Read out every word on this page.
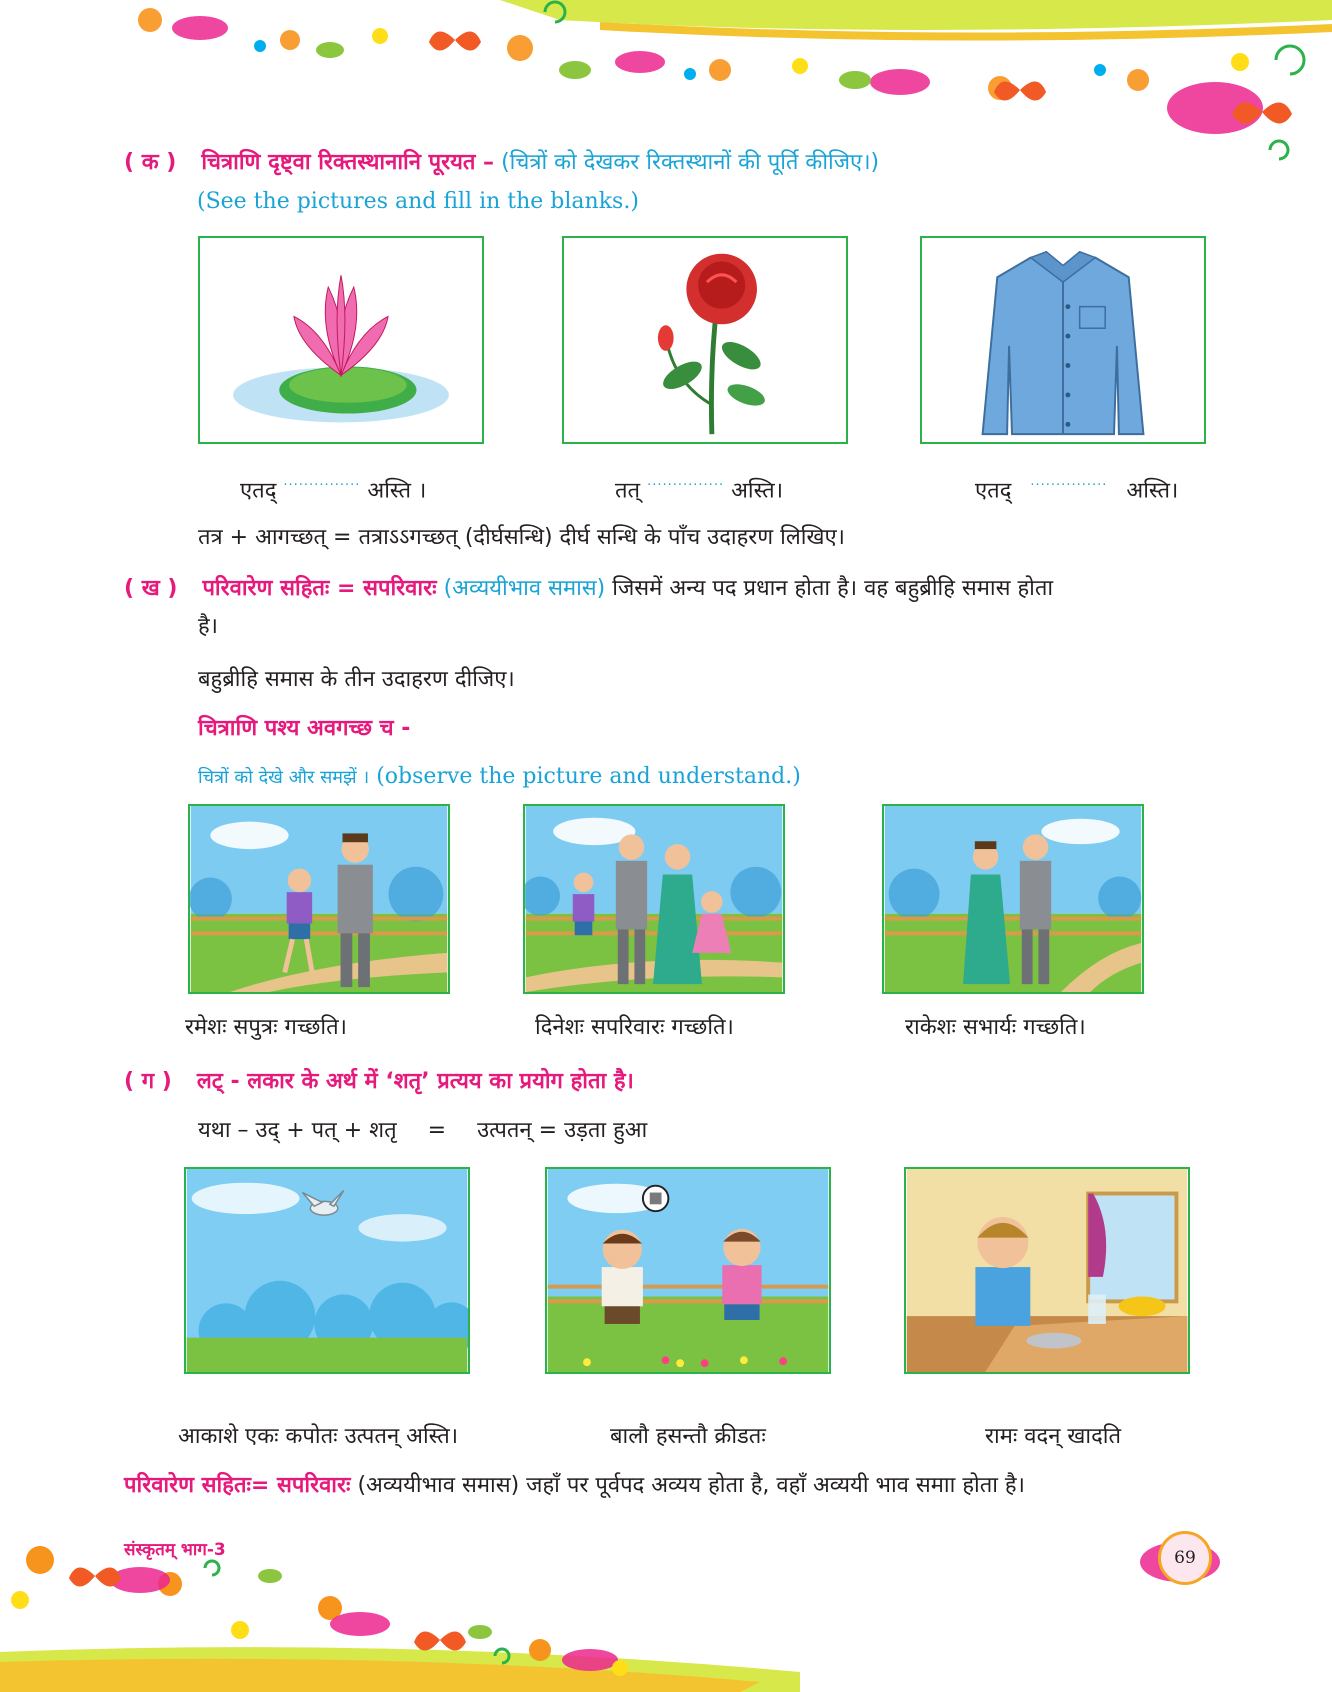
( क ) चित्राणि दृष्ट्वा रिक्तस्थानानि पूरयत – (चित्रों को देखकर रिक्तस्थानों की पूर्ति कीजिए।)
(See the pictures and fill in the blanks.)
एतद् ··············· अस्ति ।	तत् ··············· अस्ति।	एतद् ··············· अस्ति।
तत्र + आगच्छत् = तत्राऽऽगच्छत् (दीर्घसन्धि) दीर्घ सन्धि के पाँच उदाहरण लिखिए।
( ख ) परिवारेण सहितः = सपरिवारः (अव्ययीभाव समास) जिसमें अन्य पद प्रधान होता है। वह बहुब्रीहि समास होता
है।
बहुब्रीहि समास के तीन उदाहरण दीजिए।
चित्राणि पश्य अवगच्छ च -
चित्रों को देखे और समझें । (observe the picture and understand.)
रमेशः सपुत्रः गच्छति।	दिनेशः सपरिवारः गच्छति।	राकेशः सभार्यः गच्छति।
( ग ) लट् - लकार के अर्थ में ‘शतृ’ प्रत्यय का प्रयोग होता है।
यथा – उद् + पत् + शतृ = उत्पतन् = उड़ता हुआ
आकाशे एकः कपोतः उत्पतन् अस्ति।	बालौ हसन्तौ क्रीडतः	रामः वदन् खादति
परिवारेण सहितः= सपरिवारः (अव्ययीभाव समास) जहाँ पर पूर्वपद अव्यय होता है, वहाँ अव्ययी भाव समाा होता है।
संस्कृतम् भाग-3	69
